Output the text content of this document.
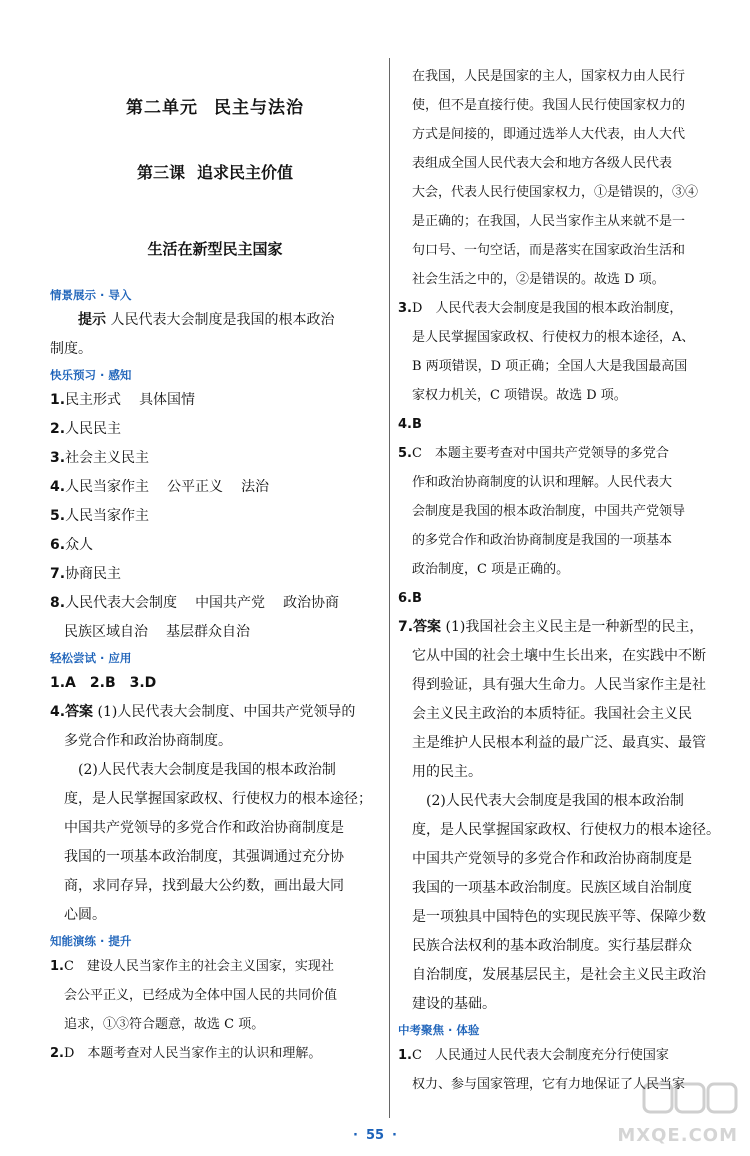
第二单元 民主与法治
第三课 追求民主价值
生活在新型民主国家
情景展示 · 导入
提示 人民代表大会制度是我国的根本政治
制度。
快乐预习 · 感知
1.民主形式 具体国情
2.人民民主
3.社会主义民主
4.人民当家作主 公平正义 法治
5.人民当家作主
6.众人
7.协商民主
8.人民代表大会制度 中国共产党 政治协商
民族区域自治 基层群众自治
轻松尝试 · 应用
1.A　2.B　3.D
4.答案 (1)人民代表大会制度、中国共产党领导的
多党合作和政治协商制度。
(2)人民代表大会制度是我国的根本政治制
度，是人民掌握国家政权、行使权力的根本途径；
中国共产党领导的多党合作和政治协商制度是
我国的一项基本政治制度，其强调通过充分协
商，求同存异，找到最大公约数，画出最大同
心圆。
知能演练 · 提升
1.C　建设人民当家作主的社会主义国家，实现社
会公平正义，已经成为全体中国人民的共同价值
追求，①③符合题意，故选 C 项。
2.D　本题考查对人民当家作主的认识和理解。
在我国，人民是国家的主人，国家权力由人民行
使，但不是直接行使。我国人民行使国家权力的
方式是间接的，即通过选举人大代表，由人大代
表组成全国人民代表大会和地方各级人民代表
大会，代表人民行使国家权力，①是错误的，③④
是正确的；在我国，人民当家作主从来就不是一
句口号、一句空话，而是落实在国家政治生活和
社会生活之中的，②是错误的。故选 D 项。
3.D　人民代表大会制度是我国的根本政治制度，
是人民掌握国家政权、行使权力的根本途径，A、
B 两项错误，D 项正确；全国人大是我国最高国
家权力机关，C 项错误。故选 D 项。
4.B
5.C　本题主要考查对中国共产党领导的多党合
作和政治协商制度的认识和理解。人民代表大
会制度是我国的根本政治制度，中国共产党领导
的多党合作和政治协商制度是我国的一项基本
政治制度，C 项是正确的。
6.B
7.答案 (1)我国社会主义民主是一种新型的民主，
它从中国的社会土壤中生长出来，在实践中不断
得到验证，具有强大生命力。人民当家作主是社
会主义民主政治的本质特征。我国社会主义民
主是维护人民根本利益的最广泛、最真实、最管
用的民主。
(2)人民代表大会制度是我国的根本政治制
度，是人民掌握国家政权、行使权力的根本途径。
中国共产党领导的多党合作和政治协商制度是
我国的一项基本政治制度。民族区域自治制度
是一项独具中国特色的实现民族平等、保障少数
民族合法权利的基本政治制度。实行基层群众
自治制度，发展基层民主，是社会主义民主政治
建设的基础。
中考聚焦 · 体验
1.C　人民通过人民代表大会制度充分行使国家
权力、参与国家管理，它有力地保证了人民当家
· 55 ·	MXQE.COM
